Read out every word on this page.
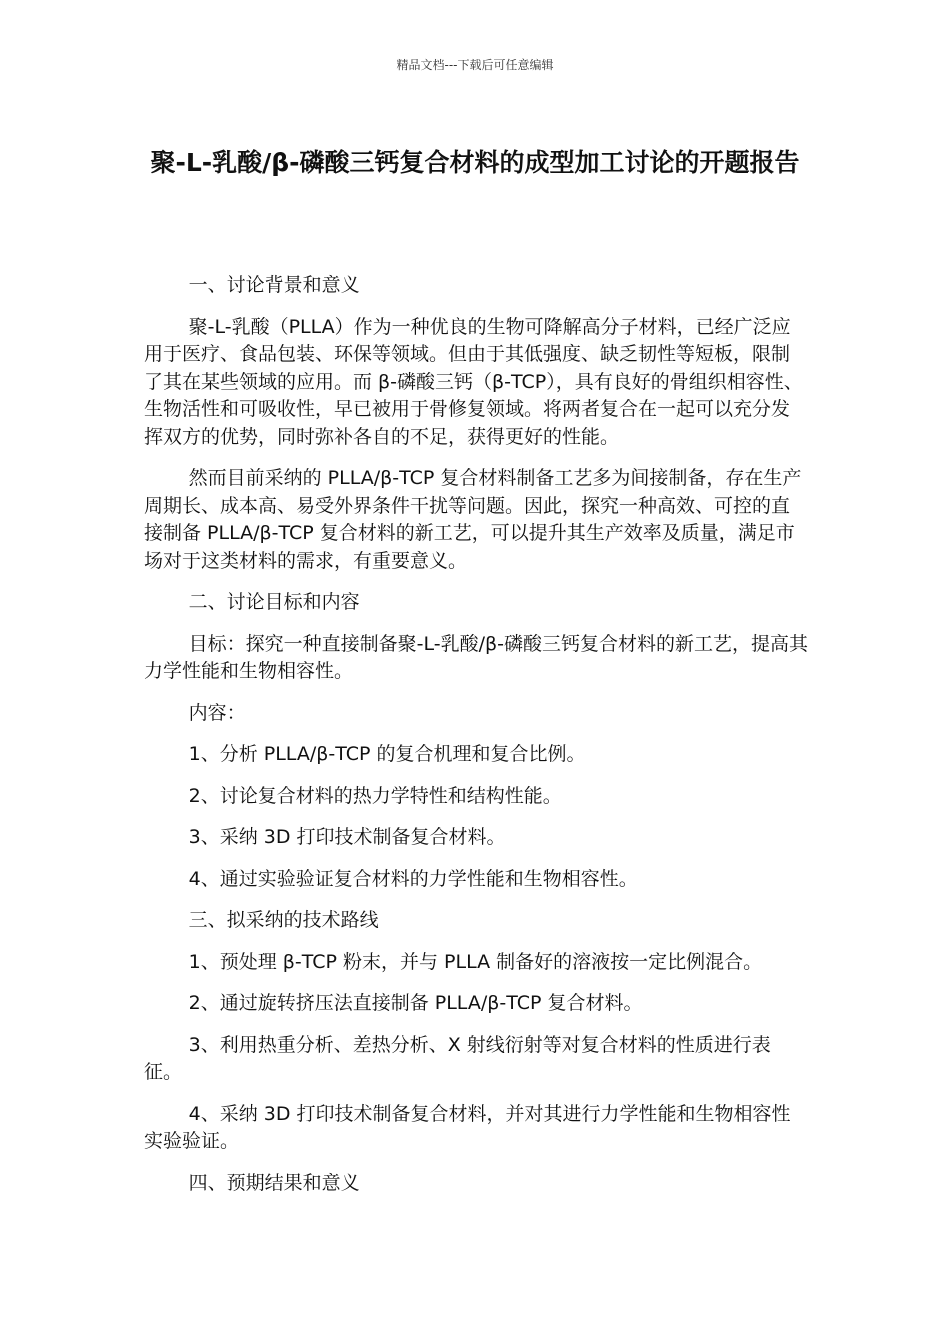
精品文档---下载后可任意编辑
聚-L-乳酸/β-磷酸三钙复合材料的成型加工讨论的开题报告

一、讨论背景和意义

聚-L-乳酸（PLLA）作为一种优良的生物可降解高分子材料，已经广泛应用于医疗、食品包装、环保等领域。但由于其低强度、缺乏韧性等短板，限制了其在某些领域的应用。而 β-磷酸三钙（β-TCP），具有良好的骨组织相容性、生物活性和可吸收性，早已被用于骨修复领域。将两者复合在一起可以充分发挥双方的优势，同时弥补各自的不足，获得更好的性能。

然而目前采纳的 PLLA/β-TCP 复合材料制备工艺多为间接制备，存在生产周期长、成本高、易受外界条件干扰等问题。因此，探究一种高效、可控的直接制备 PLLA/β-TCP 复合材料的新工艺，可以提升其生产效率及质量，满足市场对于这类材料的需求，有重要意义。

二、讨论目标和内容

目标：探究一种直接制备聚-L-乳酸/β-磷酸三钙复合材料的新工艺，提高其力学性能和生物相容性。

内容：

1、分析 PLLA/β-TCP 的复合机理和复合比例。

2、讨论复合材料的热力学特性和结构性能。

3、采纳 3D 打印技术制备复合材料。

4、通过实验验证复合材料的力学性能和生物相容性。

三、拟采纳的技术路线

1、预处理 β-TCP 粉末，并与 PLLA 制备好的溶液按一定比例混合。

2、通过旋转挤压法直接制备 PLLA/β-TCP 复合材料。

3、利用热重分析、差热分析、X 射线衍射等对复合材料的性质进行表征。

4、采纳 3D 打印技术制备复合材料，并对其进行力学性能和生物相容性实验验证。

四、预期结果和意义
